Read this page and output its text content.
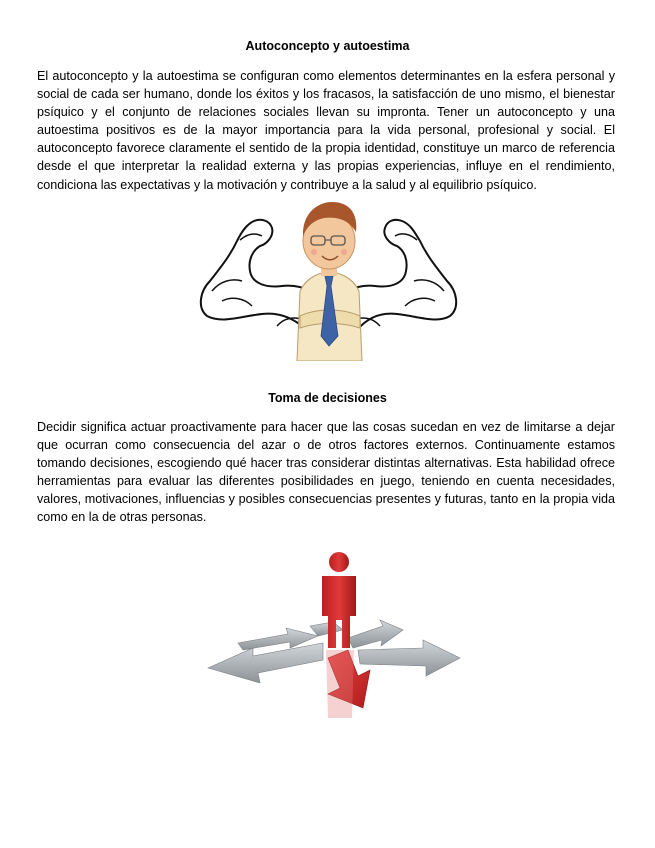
Autoconcepto y autoestima

El autoconcepto y la autoestima se configuran como elementos determinantes en la esfera personal y social de cada ser humano, donde los éxitos y los fracasos, la satisfacción de uno mismo, el bienestar psíquico y el conjunto de relaciones sociales llevan su impronta. Tener un autoconcepto y una autoestima positivos es de la mayor importancia para la vida personal, profesional y social. El autoconcepto favorece claramente el sentido de la propia identidad, constituye un marco de referencia desde el que interpretar la realidad externa y las propias experiencias, influye en el rendimiento, condiciona las expectativas y la motivación y contribuye a la salud y al equilibrio psíquico.

Toma de decisiones

Decidir significa actuar proactivamente para hacer que las cosas sucedan en vez de limitarse a dejar que ocurran como consecuencia del azar o de otros factores externos. Continuamente estamos tomando decisiones, escogiendo qué hacer tras considerar distintas alternativas. Esta habilidad ofrece herramientas para evaluar las diferentes posibilidades en juego, teniendo en cuenta necesidades, valores, motivaciones, influencias y posibles consecuencias presentes y futuras, tanto en la propia vida como en la de otras personas.
